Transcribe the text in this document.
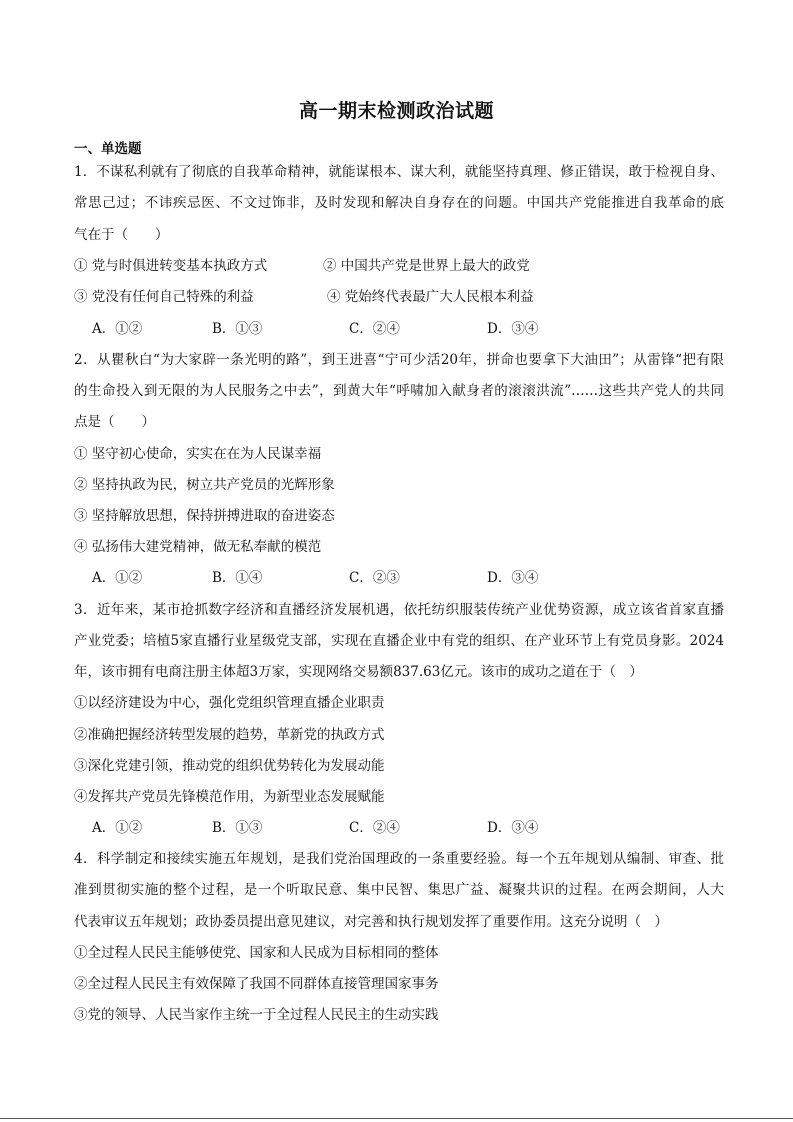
高一期末检测政治试题
一、单选题
1．不谋私利就有了彻底的自我革命精神，就能谋根本、谋大利，就能坚持真理、修正错误，敢于检视自身、
常思己过；不讳疾忌医、不文过饰非，及时发现和解决自身存在的问题。中国共产党能推进自我革命的底
气在于（　　）
① 党与时俱进转变基本执政方式	② 中国共产党是世界上最大的政党
③ 党没有任何自己特殊的利益	④ 党始终代表最广大人民根本利益
A．①②	B．①③	C．②④	D．③④
2．从瞿秋白“为大家辟一条光明的路”，到王进喜“宁可少活20年，拼命也要拿下大油田”；从雷锋“把有限
的生命投入到无限的为人民服务之中去”，到黄大年“呼啸加入献身者的滚滚洪流”……这些共产党人的共同
点是（　　）
① 坚守初心使命，实实在在为人民谋幸福
② 坚持执政为民，树立共产党员的光辉形象
③ 坚持解放思想，保持拼搏进取的奋进姿态
④ 弘扬伟大建党精神，做无私奉献的模范
A．①②	B．①④	C．②③	D．③④
3．近年来，某市抢抓数字经济和直播经济发展机遇，依托纺织服装传统产业优势资源，成立该省首家直播
产业党委；培植5家直播行业星级党支部，实现在直播企业中有党的组织、在产业环节上有党员身影。2024
年，该市拥有电商注册主体超3万家，实现网络交易额837.63亿元。该市的成功之道在于（　）
①以经济建设为中心，强化党组织管理直播企业职责
②准确把握经济转型发展的趋势，革新党的执政方式
③深化党建引领，推动党的组织优势转化为发展动能
④发挥共产党员先锋模范作用，为新型业态发展赋能
A．①②	B．①③	C．②④	D．③④
4．科学制定和接续实施五年规划，是我们党治国理政的一条重要经验。每一个五年规划从编制、审查、批
准到贯彻实施的整个过程，是一个听取民意、集中民智、集思广益、凝聚共识的过程。在两会期间，人大
代表审议五年规划；政协委员提出意见建议，对完善和执行规划发挥了重要作用。这充分说明（　）
①全过程人民民主能够使党、国家和人民成为目标相同的整体
②全过程人民民主有效保障了我国不同群体直接管理国家事务
③党的领导、人民当家作主统一于全过程人民民主的生动实践
